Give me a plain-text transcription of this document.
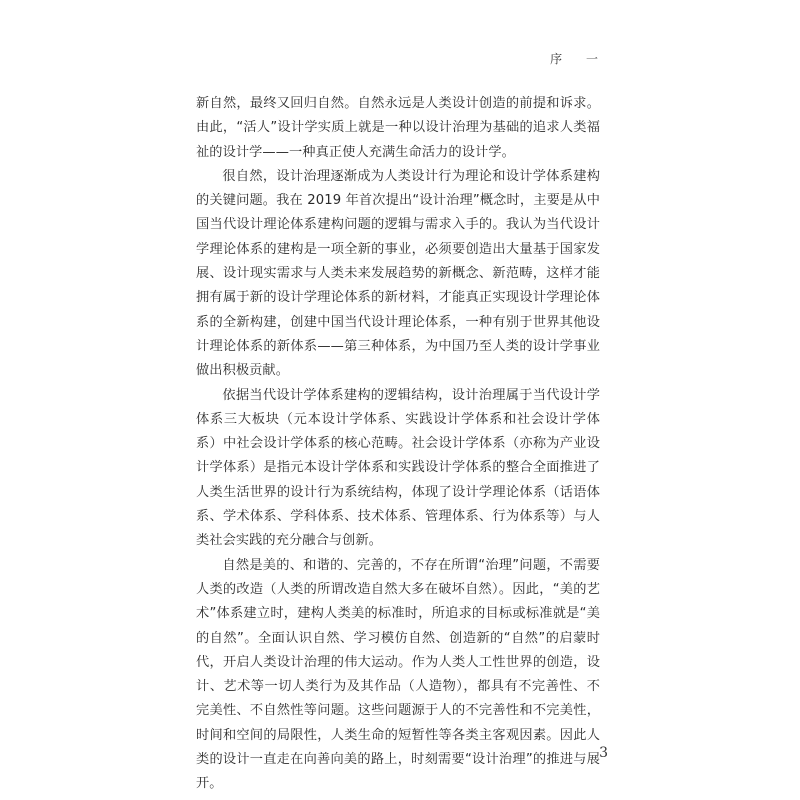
序 一

新自然，最终又回归自然。自然永远是人类设计创造的前提和诉求。由此，“活人”设计学实质上就是一种以设计治理为基础的追求人类福祉的设计学——一种真正使人充满生命活力的设计学。

很自然，设计治理逐渐成为人类设计行为理论和设计学体系建构的关键问题。我在 2019 年首次提出“设计治理”概念时，主要是从中国当代设计理论体系建构问题的逻辑与需求入手的。我认为当代设计学理论体系的建构是一项全新的事业，必须要创造出大量基于国家发展、设计现实需求与人类未来发展趋势的新概念、新范畴，这样才能拥有属于新的设计学理论体系的新材料，才能真正实现设计学理论体系的全新构建，创建中国当代设计理论体系，一种有别于世界其他设计理论体系的新体系——第三种体系，为中国乃至人类的设计学事业做出积极贡献。

依据当代设计学体系建构的逻辑结构，设计治理属于当代设计学体系三大板块（元本设计学体系、实践设计学体系和社会设计学体系）中社会设计学体系的核心范畴。社会设计学体系（亦称为产业设计学体系）是指元本设计学体系和实践设计学体系的整合全面推进了人类生活世界的设计行为系统结构，体现了设计学理论体系（话语体系、学术体系、学科体系、技术体系、管理体系、行为体系等）与人类社会实践的充分融合与创新。

自然是美的、和谐的、完善的，不存在所谓“治理”问题，不需要人类的改造（人类的所谓改造自然大多在破坏自然）。因此，“美的艺术”体系建立时，建构人类美的标准时，所追求的目标或标准就是“美的自然”。全面认识自然、学习模仿自然、创造新的“自然”的启蒙时代，开启人类设计治理的伟大运动。作为人类人工性世界的创造，设计、艺术等一切人类行为及其作品（人造物），都具有不完善性、不完美性、不自然性等问题。这些问题源于人的不完善性和不完美性，时间和空间的局限性，人类生命的短暂性等各类主客观因素。因此人类的设计一直走在向善向美的路上，时刻需要“设计治理”的推进与展开。

3
